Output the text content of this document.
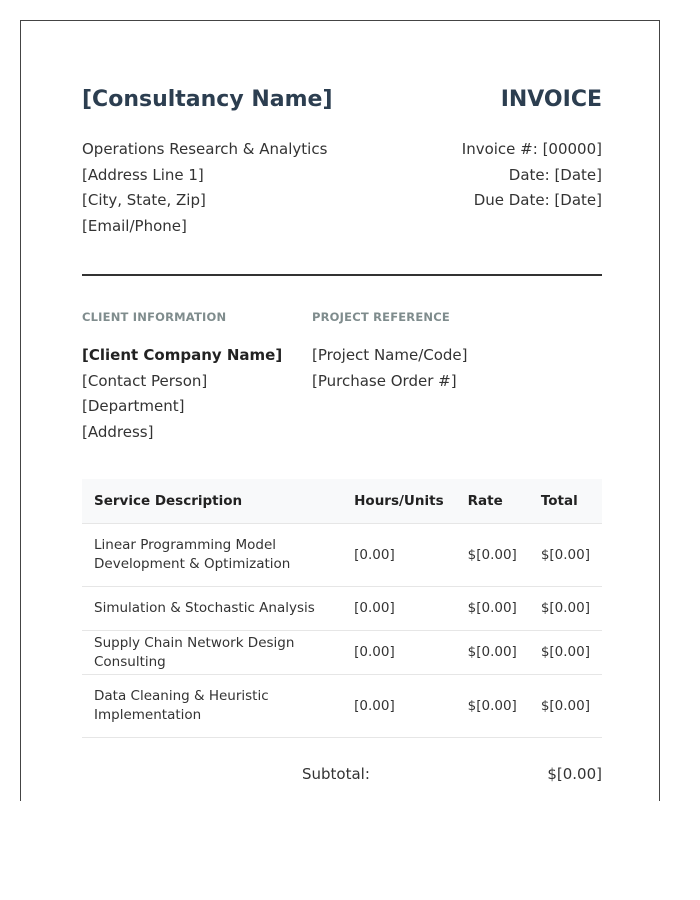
[Consultancy Name]	INVOICE
Operations Research & Analytics
[Address Line 1]
[City, State, Zip]
[Email/Phone]
Invoice #: [00000]
Date: [Date]
Due Date: [Date]
CLIENT INFORMATION	PROJECT REFERENCE
[Client Company Name]
[Contact Person]
[Department]
[Address]
[Project Name/Code]
[Purchase Order #]
Service Description	Hours/Units	Rate	Total
Linear Programming Model Development & Optimization	[0.00]	$[0.00]	$[0.00]
Simulation & Stochastic Analysis	[0.00]	$[0.00]	$[0.00]
Supply Chain Network Design Consulting	[0.00]	$[0.00]	$[0.00]
Data Cleaning & Heuristic Implementation	[0.00]	$[0.00]	$[0.00]
Subtotal:	$[0.00]
